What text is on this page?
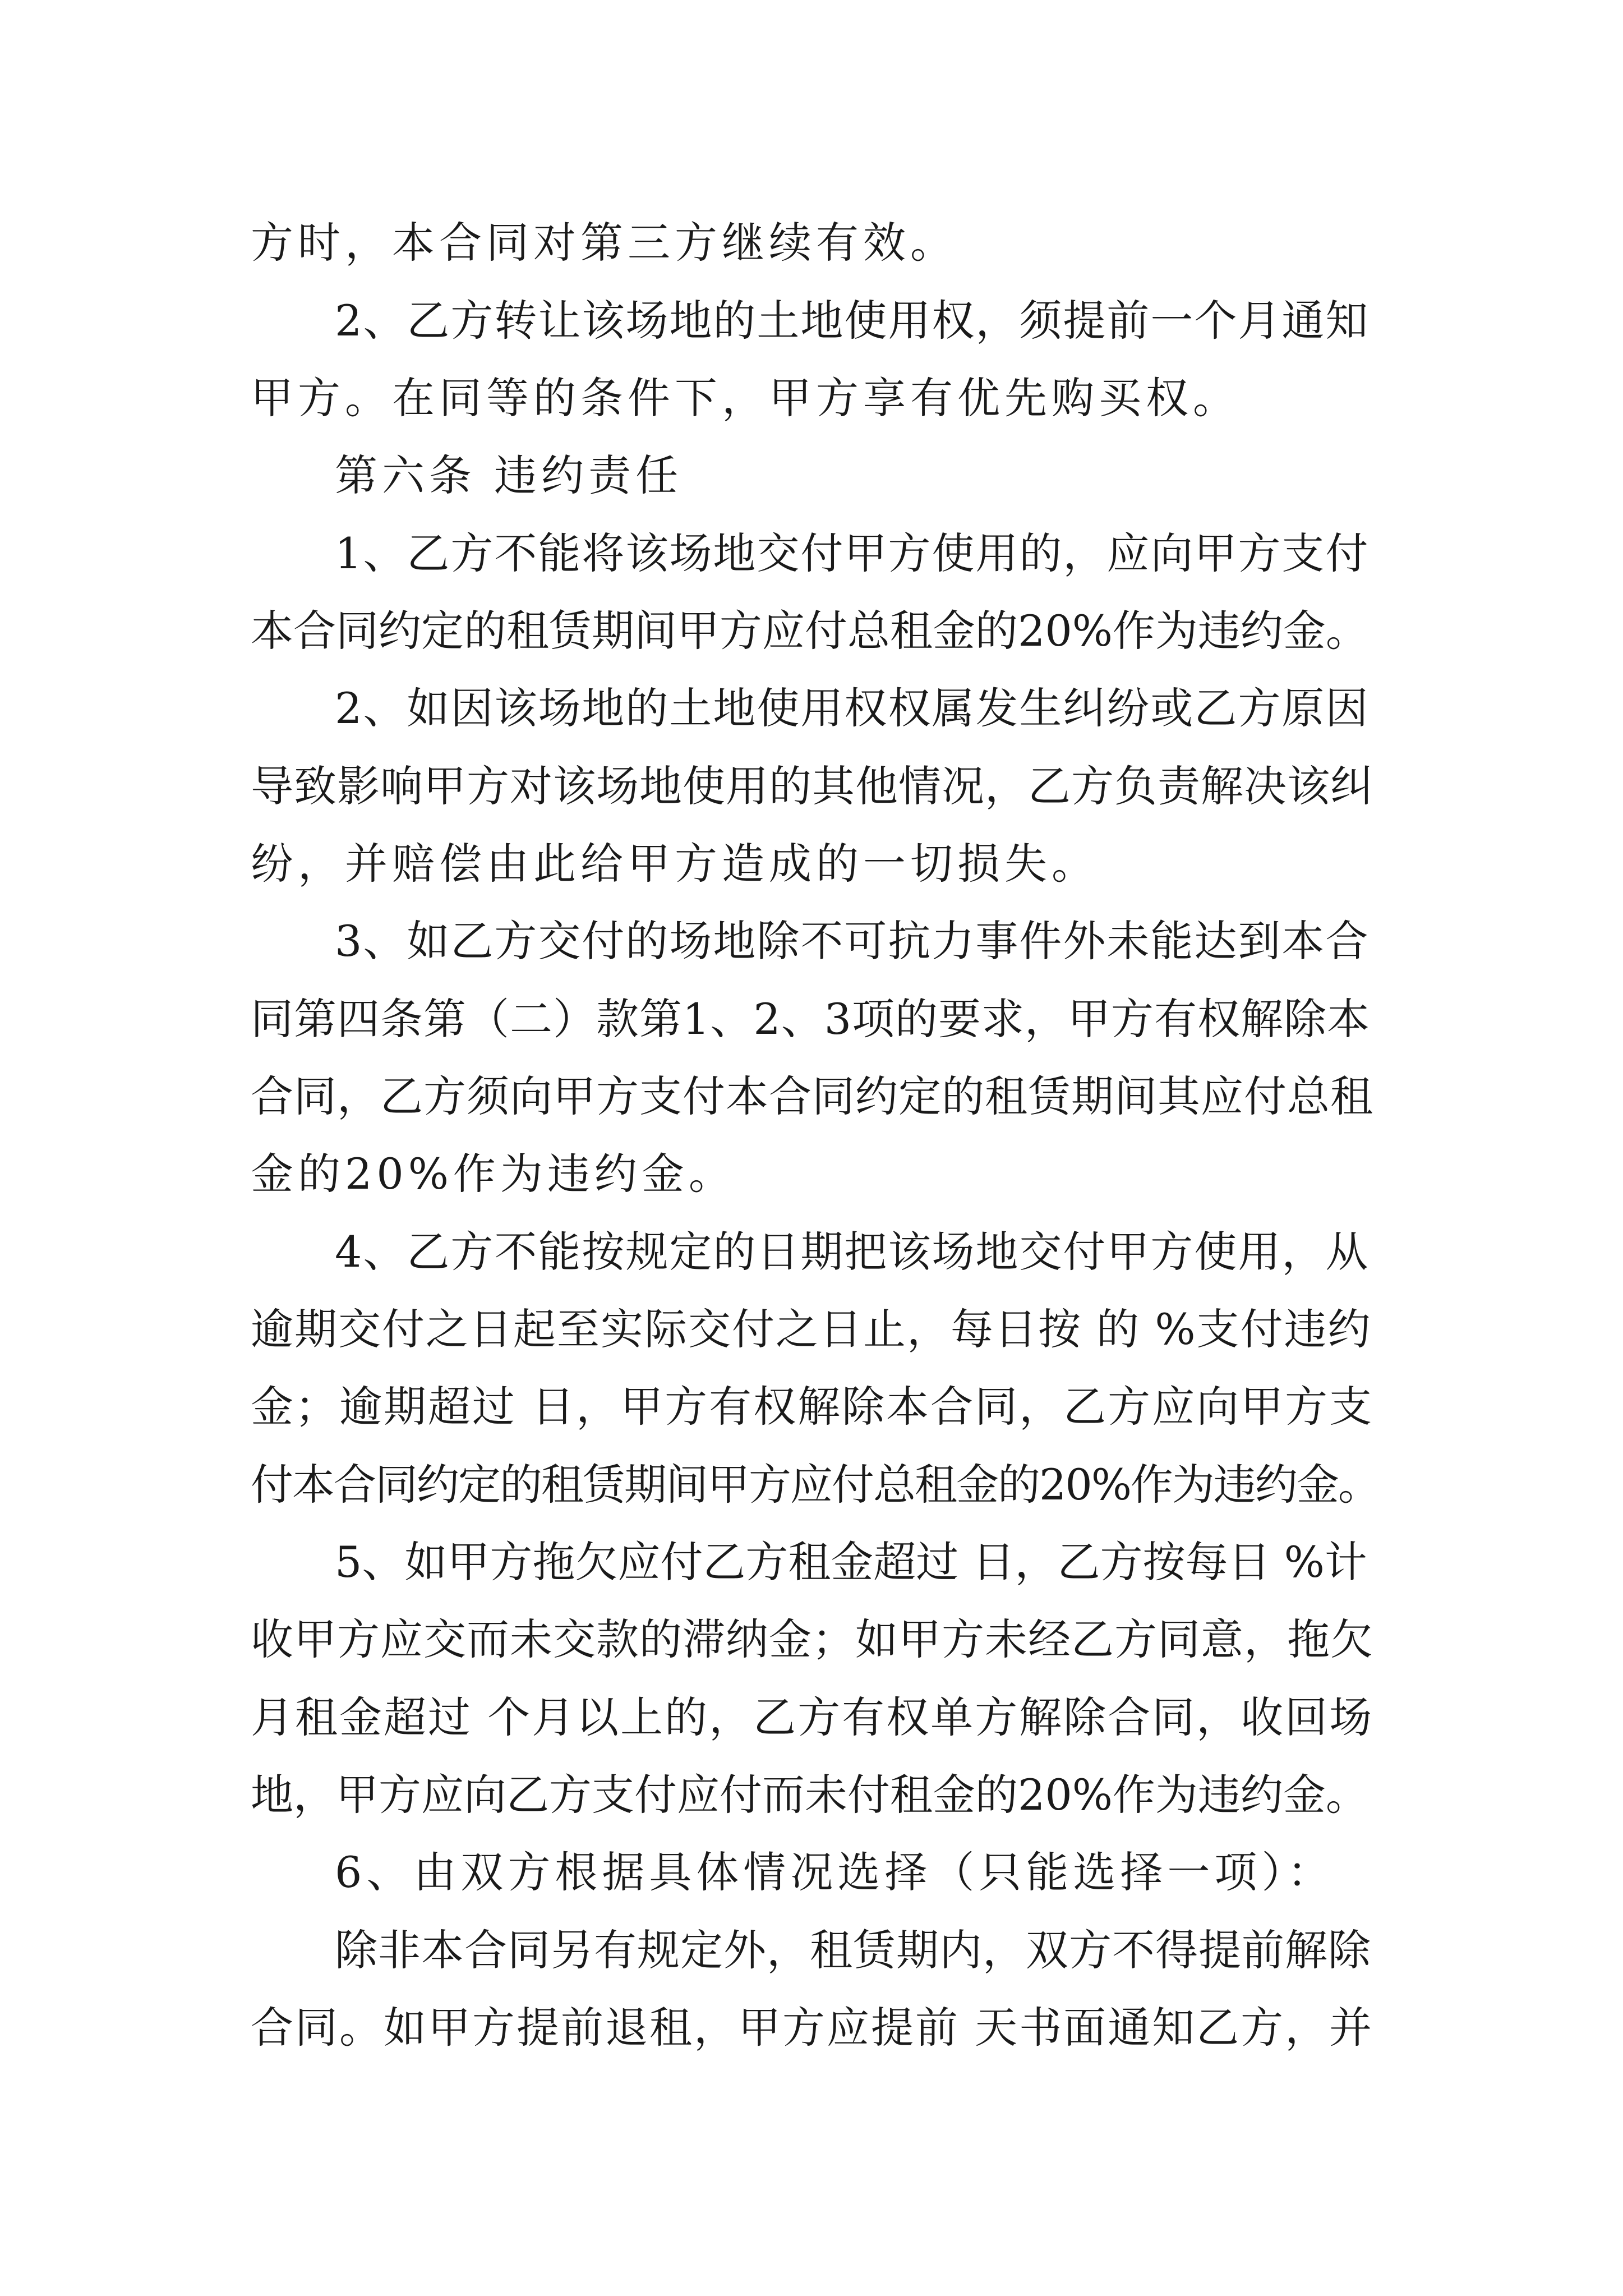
方时，本合同对第三方继续有效。
2、乙方转让该场地的土地使用权，须提前一个月通知
甲方。在同等的条件下，甲方享有优先购买权。
第六条 违约责任
1、乙方不能将该场地交付甲方使用的，应向甲方支付
本合同约定的租赁期间甲方应付总租金的20%作为违约金。
2、如因该场地的土地使用权权属发生纠纷或乙方原因
导致影响甲方对该场地使用的其他情况，乙方负责解决该纠
纷，并赔偿由此给甲方造成的一切损失。
3、如乙方交付的场地除不可抗力事件外未能达到本合
同第四条第（二）款第1、2、3项的要求，甲方有权解除本
合同，乙方须向甲方支付本合同约定的租赁期间其应付总租
金的20%作为违约金。
4、乙方不能按规定的日期把该场地交付甲方使用，从
逾期交付之日起至实际交付之日止，每日按 的 %支付违约
金；逾期超过 日，甲方有权解除本合同，乙方应向甲方支
付本合同约定的租赁期间甲方应付总租金的20%作为违约金。
5、如甲方拖欠应付乙方租金超过 日，乙方按每日 %计
收甲方应交而未交款的滞纳金；如甲方未经乙方同意，拖欠
月租金超过 个月以上的，乙方有权单方解除合同，收回场
地，甲方应向乙方支付应付而未付租金的20%作为违约金。
6、由双方根据具体情况选择（只能选择一项）：
除非本合同另有规定外，租赁期内，双方不得提前解除
合同。如甲方提前退租，甲方应提前 天书面通知乙方，并
